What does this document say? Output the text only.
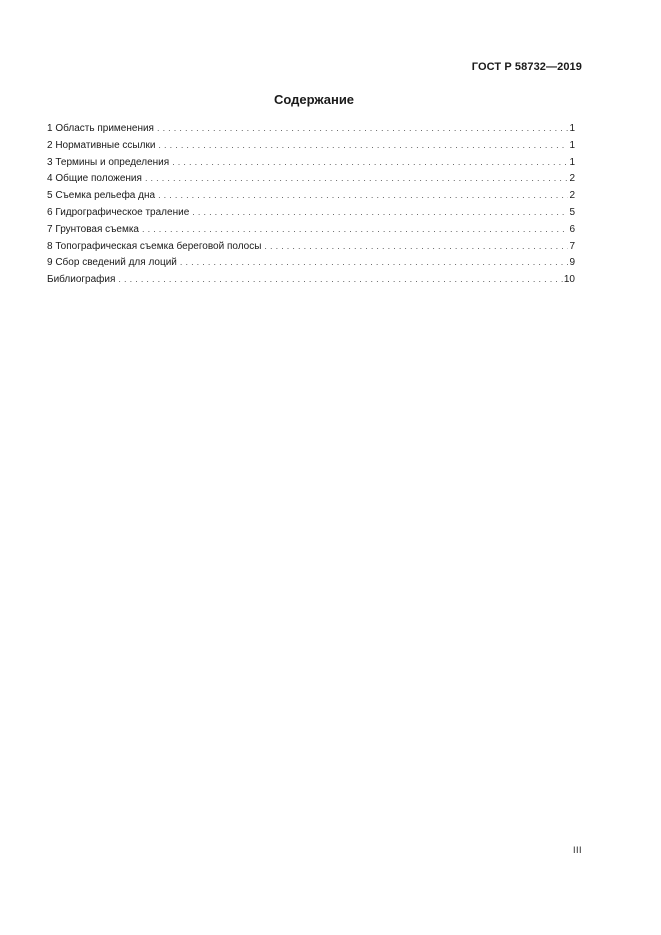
ГОСТ Р 58732—2019
Содержание
1 Область применения . . .	1
2 Нормативные ссылки . . .	1
3 Термины и определения . . .	1
4 Общие положения . . .	2
5 Съемка рельефа дна . . .	2
6 Гидрографическое траление . . .	5
7 Грунтовая съемка . . .	6
8 Топографическая съемка береговой полосы . . .	7
9 Сбор сведений для лоций . . .	9
Библиография . . .	10
III
